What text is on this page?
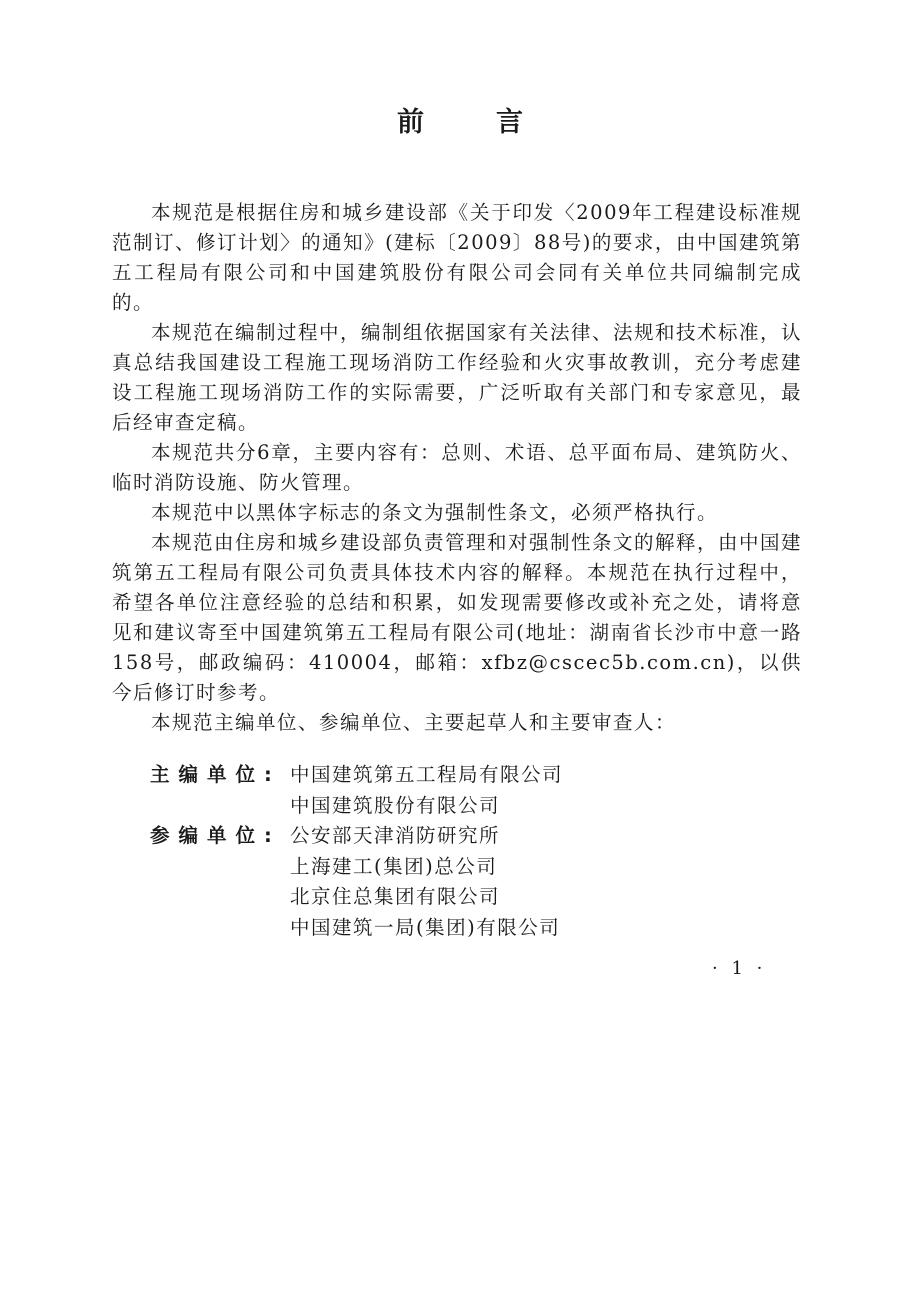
前言

本规范是根据住房和城乡建设部《关于印发〈2009年工程建设标准规范制订、修订计划〉的通知》(建标〔2009〕88号)的要求，由中国建筑第五工程局有限公司和中国建筑股份有限公司会同有关单位共同编制完成的。

本规范在编制过程中，编制组依据国家有关法律、法规和技术标准，认真总结我国建设工程施工现场消防工作经验和火灾事故教训，充分考虑建设工程施工现场消防工作的实际需要，广泛听取有关部门和专家意见，最后经审查定稿。

本规范共分6章，主要内容有：总则、术语、总平面布局、建筑防火、临时消防设施、防火管理。

本规范中以黑体字标志的条文为强制性条文，必须严格执行。

本规范由住房和城乡建设部负责管理和对强制性条文的解释，由中国建筑第五工程局有限公司负责具体技术内容的解释。本规范在执行过程中，希望各单位注意经验的总结和积累，如发现需要修改或补充之处，请将意见和建议寄至中国建筑第五工程局有限公司(地址：湖南省长沙市中意一路158号，邮政编码：410004，邮箱：xfbz@cscec5b.com.cn)，以供今后修订时参考。

本规范主编单位、参编单位、主要起草人和主要审查人：

主编单位: 中国建筑第五工程局有限公司
中国建筑股份有限公司
参编单位: 公安部天津消防研究所
上海建工(集团)总公司
北京住总集团有限公司
中国建筑一局(集团)有限公司
· 1 ·
